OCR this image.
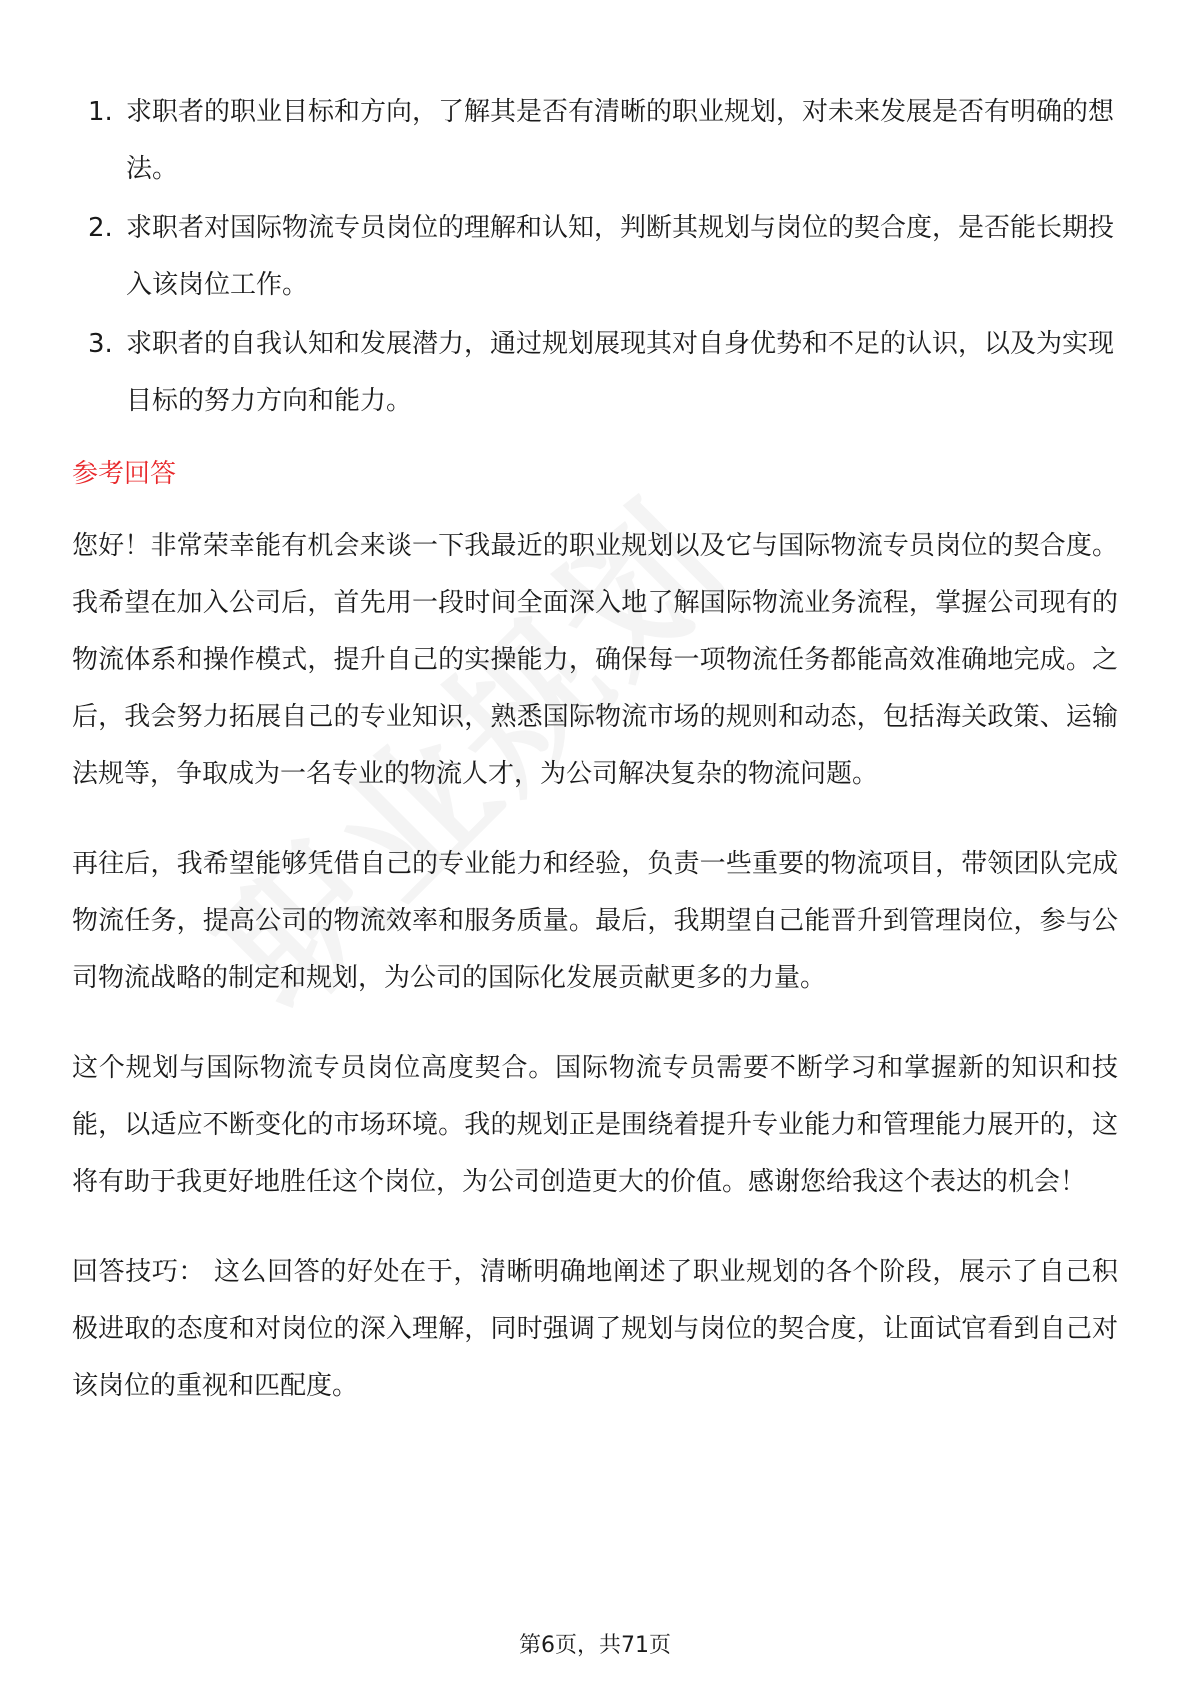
1. 求职者的职业目标和方向，了解其是否有清晰的职业规划，对未来发展是否有明确的想法。
2. 求职者对国际物流专员岗位的理解和认知，判断其规划与岗位的契合度，是否能长期投入该岗位工作。
3. 求职者的自我认知和发展潜力，通过规划展现其对自身优势和不足的认识，以及为实现目标的努力方向和能力。
参考回答

您好！非常荣幸能有机会来谈一下我最近的职业规划以及它与国际物流专员岗位的契合度。我希望在加入公司后，首先用一段时间全面深入地了解国际物流业务流程，掌握公司现有的物流体系和操作模式，提升自己的实操能力，确保每一项物流任务都能高效准确地完成。之后，我会努力拓展自己的专业知识，熟悉国际物流市场的规则和动态，包括海关政策、运输法规等，争取成为一名专业的物流人才，为公司解决复杂的物流问题。

再往后，我希望能够凭借自己的专业能力和经验，负责一些重要的物流项目，带领团队完成物流任务，提高公司的物流效率和服务质量。最后，我期望自己能晋升到管理岗位，参与公司物流战略的制定和规划，为公司的国际化发展贡献更多的力量。

这个规划与国际物流专员岗位高度契合。国际物流专员需要不断学习和掌握新的知识和技能，以适应不断变化的市场环境。我的规划正是围绕着提升专业能力和管理能力展开的，这将有助于我更好地胜任这个岗位，为公司创造更大的价值。感谢您给我这个表达的机会！

回答技巧： 这么回答的好处在于，清晰明确地阐述了职业规划的各个阶段，展示了自己积极进取的态度和对岗位的深入理解，同时强调了规划与岗位的契合度，让面试官看到自己对该岗位的重视和匹配度。

第6页，共71页
